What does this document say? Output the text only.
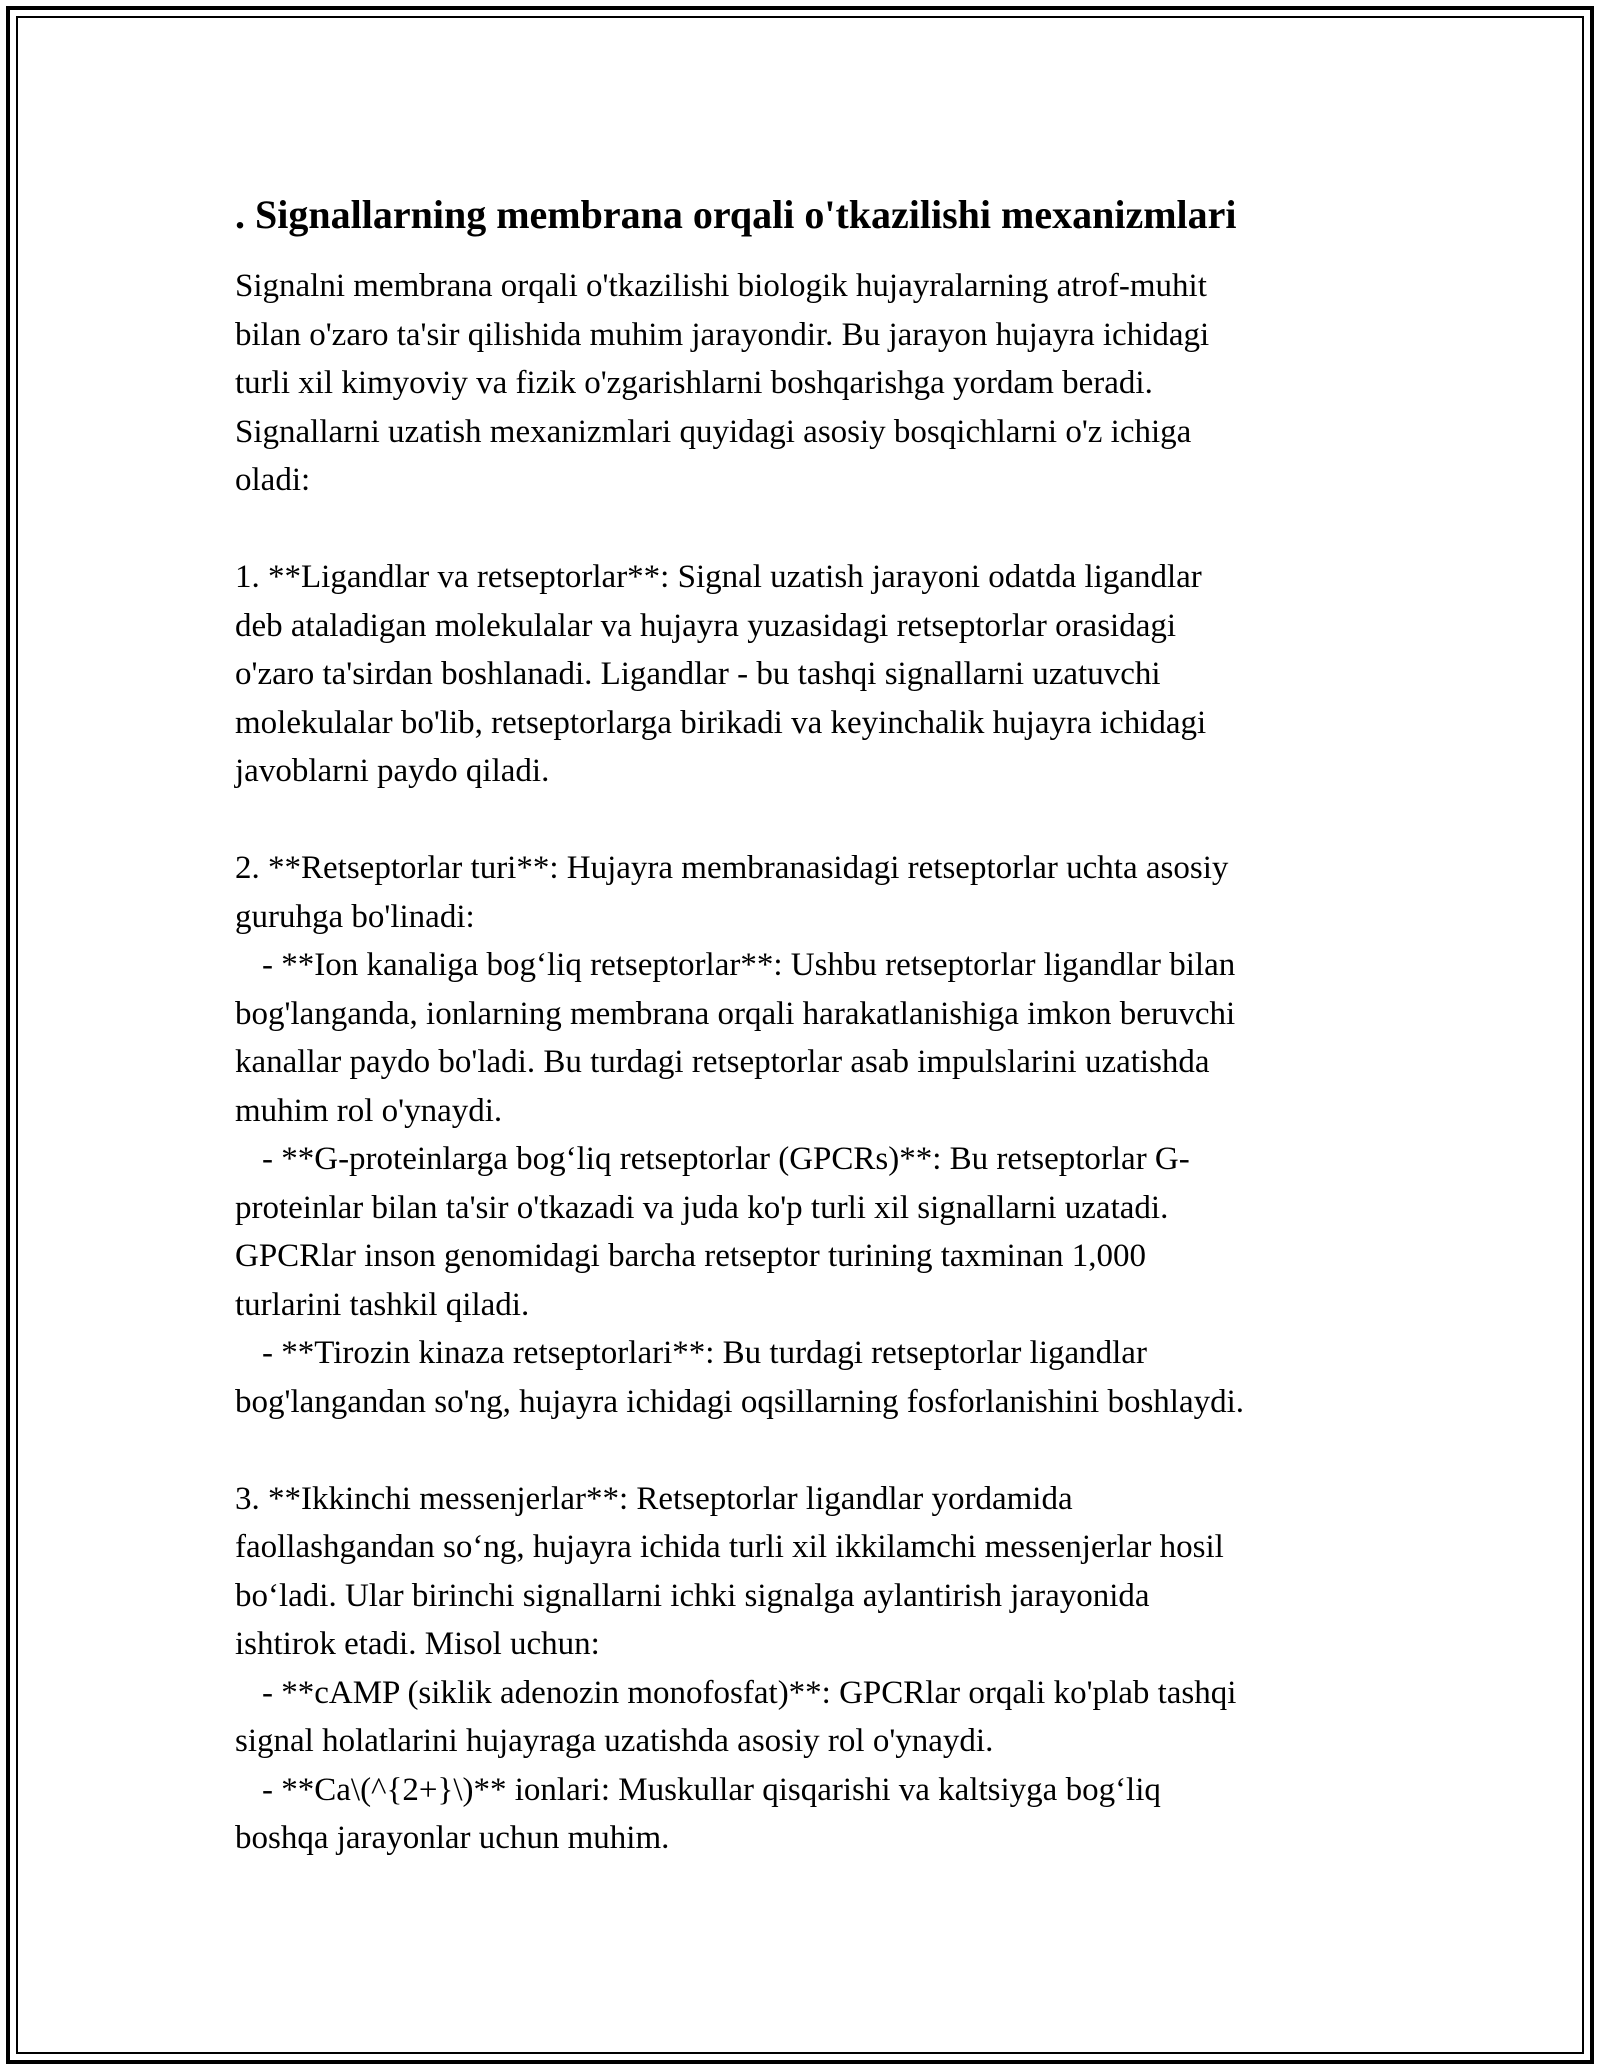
. Signallarning membrana orqali o'tkazilishi mexanizmlari
Signalni membrana orqali o'tkazilishi biologik hujayralarning atrof-muhit
bilan o'zaro ta'sir qilishida muhim jarayondir. Bu jarayon hujayra ichidagi
turli xil kimyoviy va fizik o'zgarishlarni boshqarishga yordam beradi.
Signallarni uzatish mexanizmlari quyidagi asosiy bosqichlarni o'z ichiga
oladi:
1. **Ligandlar va retseptorlar**: Signal uzatish jarayoni odatda ligandlar
deb ataladigan molekulalar va hujayra yuzasidagi retseptorlar orasidagi
o'zaro ta'sirdan boshlanadi. Ligandlar - bu tashqi signallarni uzatuvchi
molekulalar bo'lib, retseptorlarga birikadi va keyinchalik hujayra ichidagi
javoblarni paydo qiladi.
2. **Retseptorlar turi**: Hujayra membranasidagi retseptorlar uchta asosiy
guruhga bo'linadi:
- **Ion kanaliga bog‘liq retseptorlar**: Ushbu retseptorlar ligandlar bilan
bog'langanda, ionlarning membrana orqali harakatlanishiga imkon beruvchi
kanallar paydo bo'ladi. Bu turdagi retseptorlar asab impulslarini uzatishda
muhim rol o'ynaydi.
- **G-proteinlarga bog‘liq retseptorlar (GPCRs)**: Bu retseptorlar G-
proteinlar bilan ta'sir o'tkazadi va juda ko'p turli xil signallarni uzatadi.
GPCRlar inson genomidagi barcha retseptor turining taxminan 1,000
turlarini tashkil qiladi.
- **Tirozin kinaza retseptorlari**: Bu turdagi retseptorlar ligandlar
bog'langandan so'ng, hujayra ichidagi oqsillarning fosforlanishini boshlaydi.
3. **Ikkinchi messenjerlar**: Retseptorlar ligandlar yordamida
faollashgandan so‘ng, hujayra ichida turli xil ikkilamchi messenjerlar hosil
bo‘ladi. Ular birinchi signallarni ichki signalga aylantirish jarayonida
ishtirok etadi. Misol uchun:
- **cAMP (siklik adenozin monofosfat)**: GPCRlar orqali ko'plab tashqi
signal holatlarini hujayraga uzatishda asosiy rol o'ynaydi.
- **Ca\(^{2+}\)** ionlari: Muskullar qisqarishi va kaltsiyga bog‘liq
boshqa jarayonlar uchun muhim.
